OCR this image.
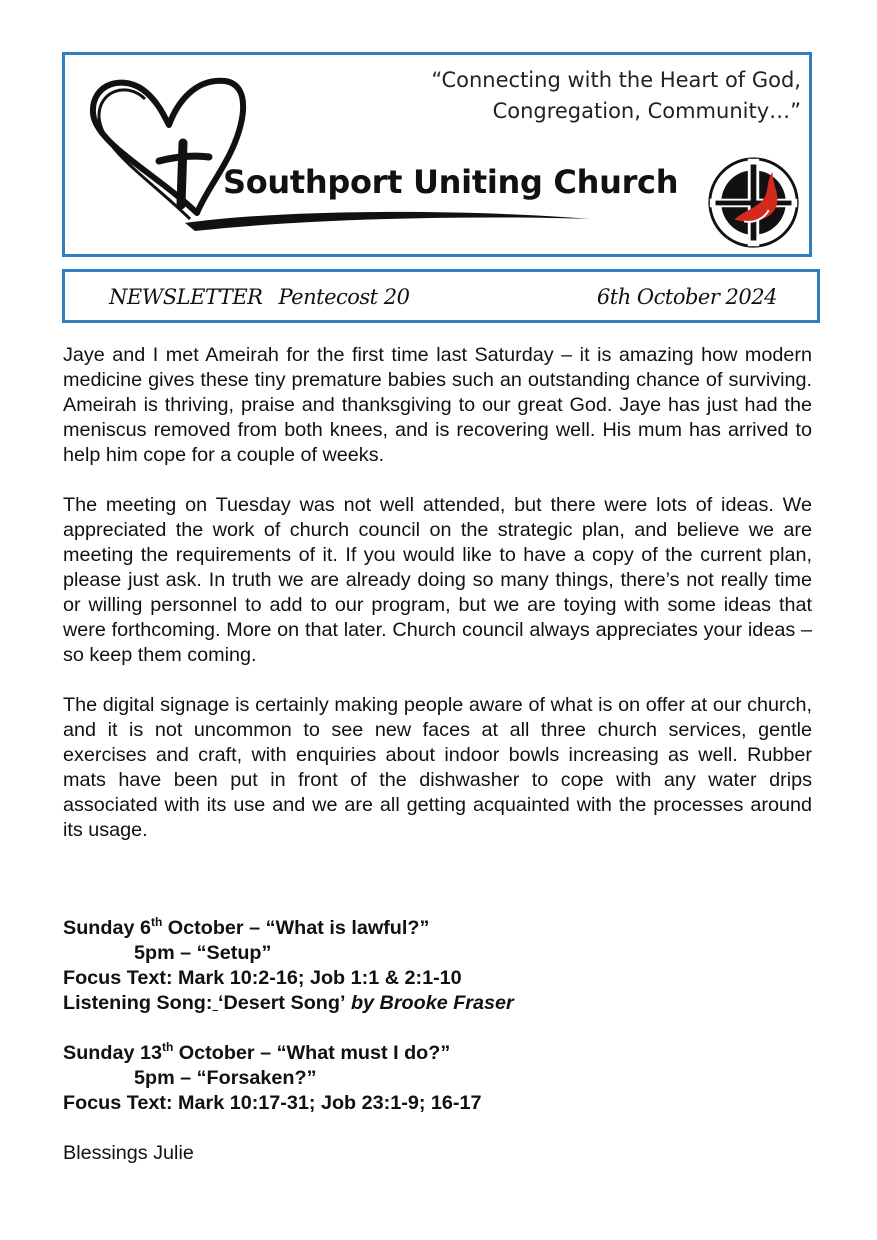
“Connecting with the Heart of God,
Congregation, Community…”
Southport Uniting Church
NEWSLETTER Pentecost 20	6th October 2024

Jaye and I met Ameirah for the first time last Saturday – it is amazing how modern medicine gives these tiny premature babies such an outstanding chance of surviving. Ameirah is thriving, praise and thanksgiving to our great God. Jaye has just had the meniscus removed from both knees, and is recovering well. His mum has arrived to help him cope for a couple of weeks.

The meeting on Tuesday was not well attended, but there were lots of ideas. We appreciated the work of church council on the strategic plan, and believe we are meeting the requirements of it. If you would like to have a copy of the current plan, please just ask. In truth we are already doing so many things, there’s not really time or willing personnel to add to our program, but we are toying with some ideas that were forthcoming. More on that later. Church council always appreciates your ideas – so keep them coming.

The digital signage is certainly making people aware of what is on offer at our church, and it is not uncommon to see new faces at all three church services, gentle exercises and craft, with enquiries about indoor bowls increasing as well. Rubber mats have been put in front of the dishwasher to cope with any water drips associated with its use and we are all getting acquainted with the processes around its usage.

Sunday 6th October – “What is lawful?”
5pm – “Setup”
Focus Text: Mark 10:2-16; Job 1:1 & 2:1-10
Listening Song: ‘Desert Song’ by Brooke Fraser
Sunday 13th October – “What must I do?”
5pm – “Forsaken?”
Focus Text: Mark 10:17-31; Job 23:1-9; 16-17
Blessings Julie
